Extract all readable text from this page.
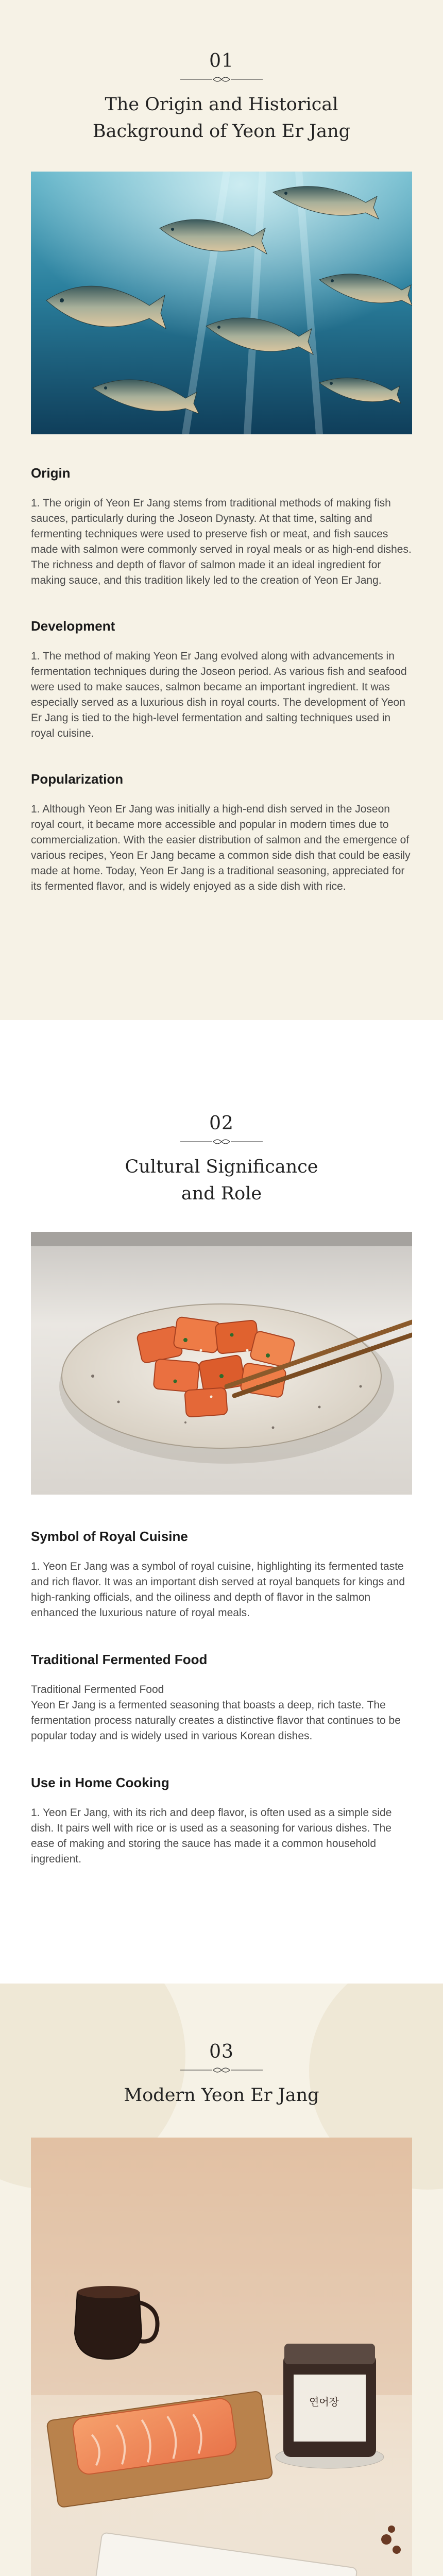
01
The Origin and Historical
Background of Yeon Er Jang
Origin

1. The origin of Yeon Er Jang stems from traditional methods of making fish sauces, particularly during the Joseon Dynasty. At that time, salting and fermenting techniques were used to preserve fish or meat, and fish sauces made with salmon were commonly served in royal meals or as high-end dishes. The richness and depth of flavor of salmon made it an ideal ingredient for making sauce, and this tradition likely led to the creation of Yeon Er Jang.

Development

1. The method of making Yeon Er Jang evolved along with advancements in fermentation techniques during the Joseon period. As various fish and seafood were used to make sauces, salmon became an important ingredient. It was especially served as a luxurious dish in royal courts. The development of Yeon Er Jang is tied to the high-level fermentation and salting techniques used in royal cuisine.

Popularization

1. Although Yeon Er Jang was initially a high-end dish served in the Joseon royal court, it became more accessible and popular in modern times due to commercialization. With the easier distribution of salmon and the emergence of various recipes, Yeon Er Jang became a common side dish that could be easily made at home. Today, Yeon Er Jang is a traditional seasoning, appreciated for its fermented flavor, and is widely enjoyed as a side dish with rice.

02
Cultural Significance
and Role
Symbol of Royal Cuisine

1. Yeon Er Jang was a symbol of royal cuisine, highlighting its fermented taste and rich flavor. It was an important dish served at royal banquets for kings and high-ranking officials, and the oiliness and depth of flavor in the salmon enhanced the luxurious nature of royal meals.

Traditional Fermented Food

Traditional Fermented Food
Yeon Er Jang is a fermented seasoning that boasts a deep, rich taste. The fermentation process naturally creates a distinctive flavor that continues to be popular today and is widely used in various Korean dishes.

Use in Home Cooking

1. Yeon Er Jang, with its rich and deep flavor, is often used as a simple side dish. It pairs well with rice or is used as a seasoning for various dishes. The ease of making and storing the sauce has made it a common household ingredient.

03
Modern Yeon Er Jang
연어장
